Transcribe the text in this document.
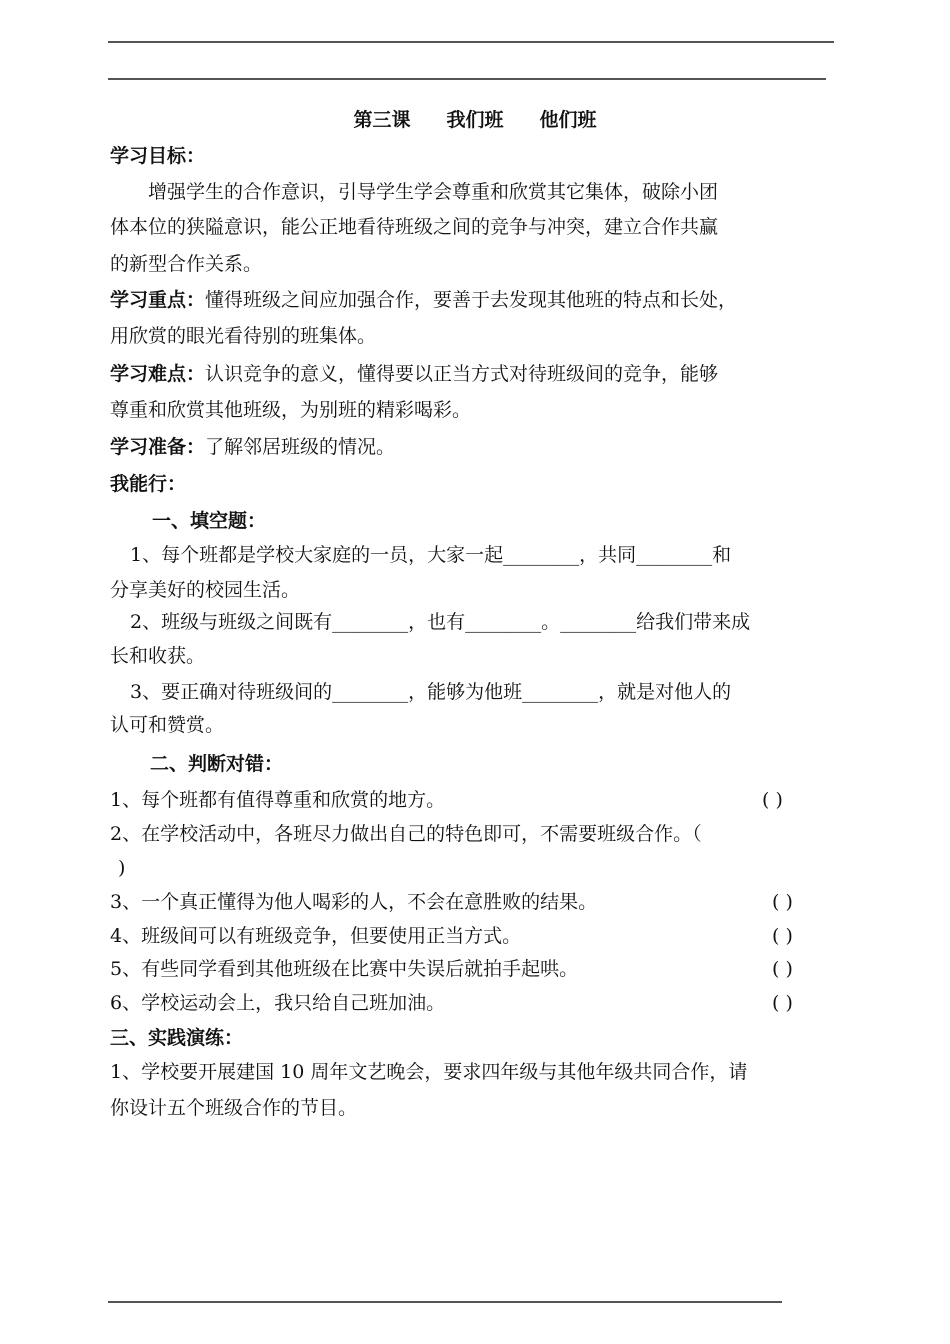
第三课 我们班 他们班
学习目标：
增强学生的合作意识，引导学生学会尊重和欣赏其它集体，破除小团
体本位的狭隘意识，能公正地看待班级之间的竞争与冲突，建立合作共赢
的新型合作关系。
学习重点：懂得班级之间应加强合作，要善于去发现其他班的特点和长处，
用欣赏的眼光看待别的班集体。
学习难点：认识竞争的意义，懂得要以正当方式对待班级间的竞争，能够
尊重和欣赏其他班级，为别班的精彩喝彩。
学习准备：了解邻居班级的情况。
我能行：
一、填空题：
1、每个班都是学校大家庭的一员，大家一起________，共同________和
分享美好的校园生活。
2、班级与班级之间既有________，也有________。________给我们带来成
长和收获。
3、要正确对待班级间的________，能够为他班________，就是对他人的
认可和赞赏。
二、判断对错：
1、每个班都有值得尊重和欣赏的地方。	( )
2、在学校活动中，各班尽力做出自己的特色即可，不需要班级合作。（
)
3、一个真正懂得为他人喝彩的人，不会在意胜败的结果。	( )
4、班级间可以有班级竞争，但要使用正当方式。	( )
5、有些同学看到其他班级在比赛中失误后就拍手起哄。	( )
6、学校运动会上，我只给自己班加油。	( )
三、实践演练：
1、学校要开展建国 10 周年文艺晚会，要求四年级与其他年级共同合作，请
你设计五个班级合作的节目。
